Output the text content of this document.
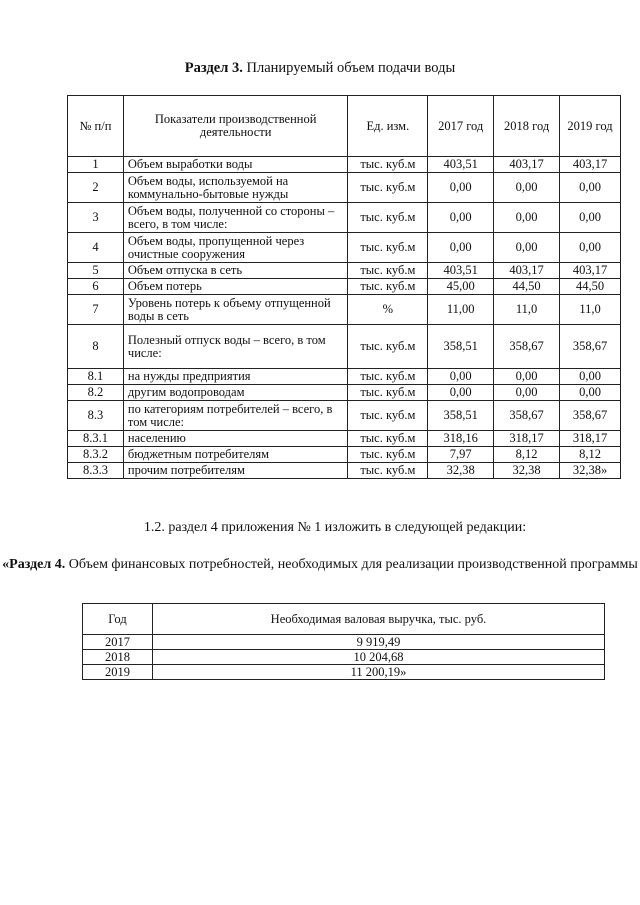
Раздел 3. Планируемый объем подачи воды
№ п/п	Показатели производственной деятельности	Ед. изм.	2017 год	2018 год	2019 год
1	Объем выработки воды	тыс. куб.м	403,51	403,17	403,17
2	Объем воды, используемой на коммунально-бытовые нужды	тыс. куб.м	0,00	0,00	0,00
3	Объем воды, полученной со стороны – всего, в том числе:	тыс. куб.м	0,00	0,00	0,00
4	Объем воды, пропущенной через очистные сооружения	тыс. куб.м	0,00	0,00	0,00
5	Объем отпуска в сеть	тыс. куб.м	403,51	403,17	403,17
6	Объем потерь	тыс. куб.м	45,00	44,50	44,50
7	Уровень потерь к объему отпущенной воды в сеть	%	11,00	11,0	11,0
8	Полезный отпуск воды – всего, в том числе:	тыс. куб.м	358,51	358,67	358,67
8.1	на нужды предприятия	тыс. куб.м	0,00	0,00	0,00
8.2	другим водопроводам	тыс. куб.м	0,00	0,00	0,00
8.3	по категориям потребителей – всего, в том числе:	тыс. куб.м	358,51	358,67	358,67
8.3.1	населению	тыс. куб.м	318,16	318,17	318,17
8.3.2	бюджетным потребителям	тыс. куб.м	7,97	8,12	8,12
8.3.3	прочим потребителям	тыс. куб.м	32,38	32,38	32,38»
1.2. раздел 4 приложения № 1 изложить в следующей редакции:
«Раздел 4. Объем финансовых потребностей, необходимых для реализации производственной программы
Год	Необходимая валовая выручка, тыс. руб.
2017	9 919,49
2018	10 204,68
2019	11 200,19»
